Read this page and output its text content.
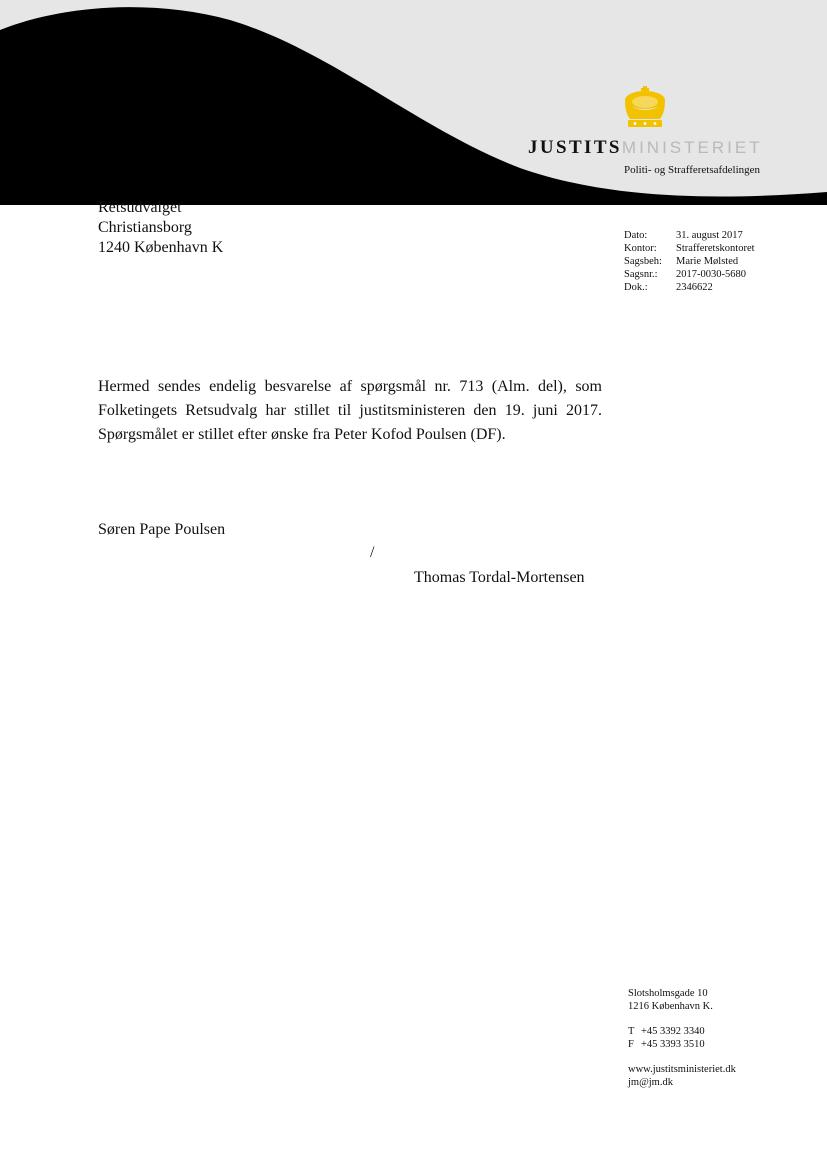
JUSTITSMINISTERIET
Politi- og Strafferetsafdelingen
Retsudvalget
Christiansborg
1240 København K
Dato:	31. august 2017
Kontor:	Strafferetskontoret
Sagsbeh:	Marie Mølsted
Sagsnr.:	2017-0030-5680
Dok.:	2346622

Hermed sendes endelig besvarelse af spørgsmål nr. 713 (Alm. del), som Folketingets Retsudvalg har stillet til justitsministeren den 19. juni 2017. Spørgsmålet er stillet efter ønske fra Peter Kofod Poulsen (DF).

Søren Pape Poulsen
/
Thomas Tordal-Mortensen
Slotsholmsgade 10
1216 København K.
T +45 3392 3340
F +45 3393 3510
www.justitsministeriet.dk
jm@jm.dk
